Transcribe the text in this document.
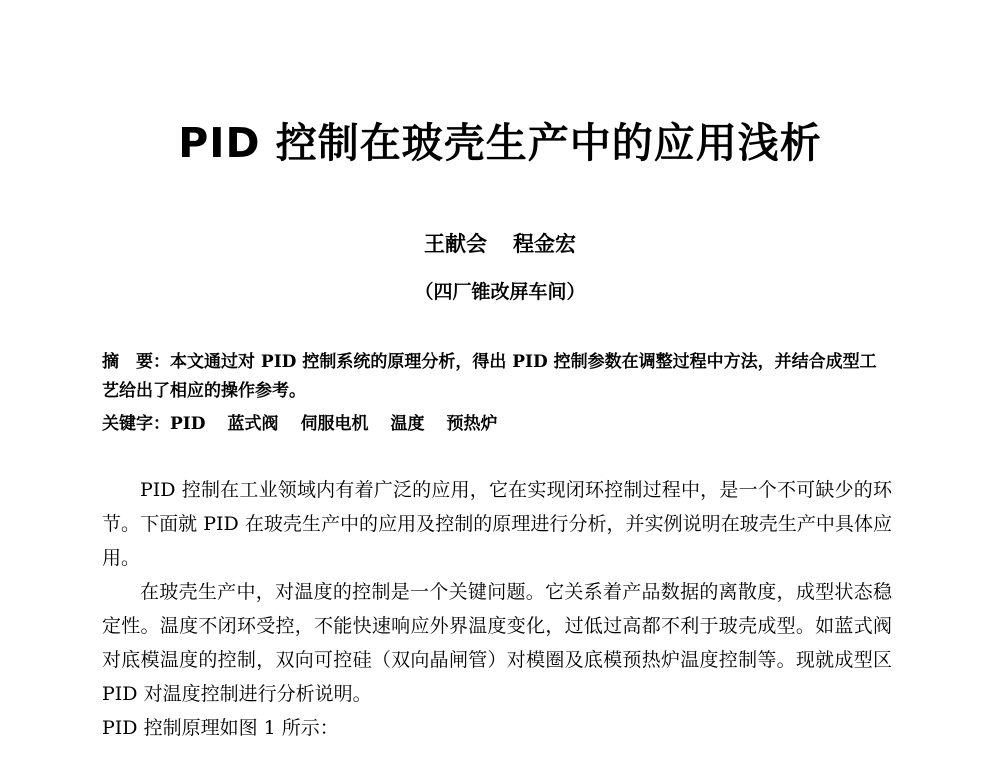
PID 控制在玻壳生产中的应用浅析
王献会 程金宏
（四厂锥改屏车间）
摘　要：本文通过对 PID 控制系统的原理分析，得出 PID 控制参数在调整过程中方法，并结合成型工艺给出了相应的操作参考。
关键字：PID 蓝式阀 伺服电机 温度 预热炉

PID 控制在工业领域内有着广泛的应用，它在实现闭环控制过程中，是一个不可缺少的环节。下面就 PID 在玻壳生产中的应用及控制的原理进行分析，并实例说明在玻壳生产中具体应用。

在玻壳生产中，对温度的控制是一个关键问题。它关系着产品数据的离散度，成型状态稳定性。温度不闭环受控，不能快速响应外界温度变化，过低过高都不利于玻壳成型。如蓝式阀对底模温度的控制，双向可控硅（双向晶闸管）对模圈及底模预热炉温度控制等。现就成型区 PID 对温度控制进行分析说明。

PID 控制原理如图 1 所示：
